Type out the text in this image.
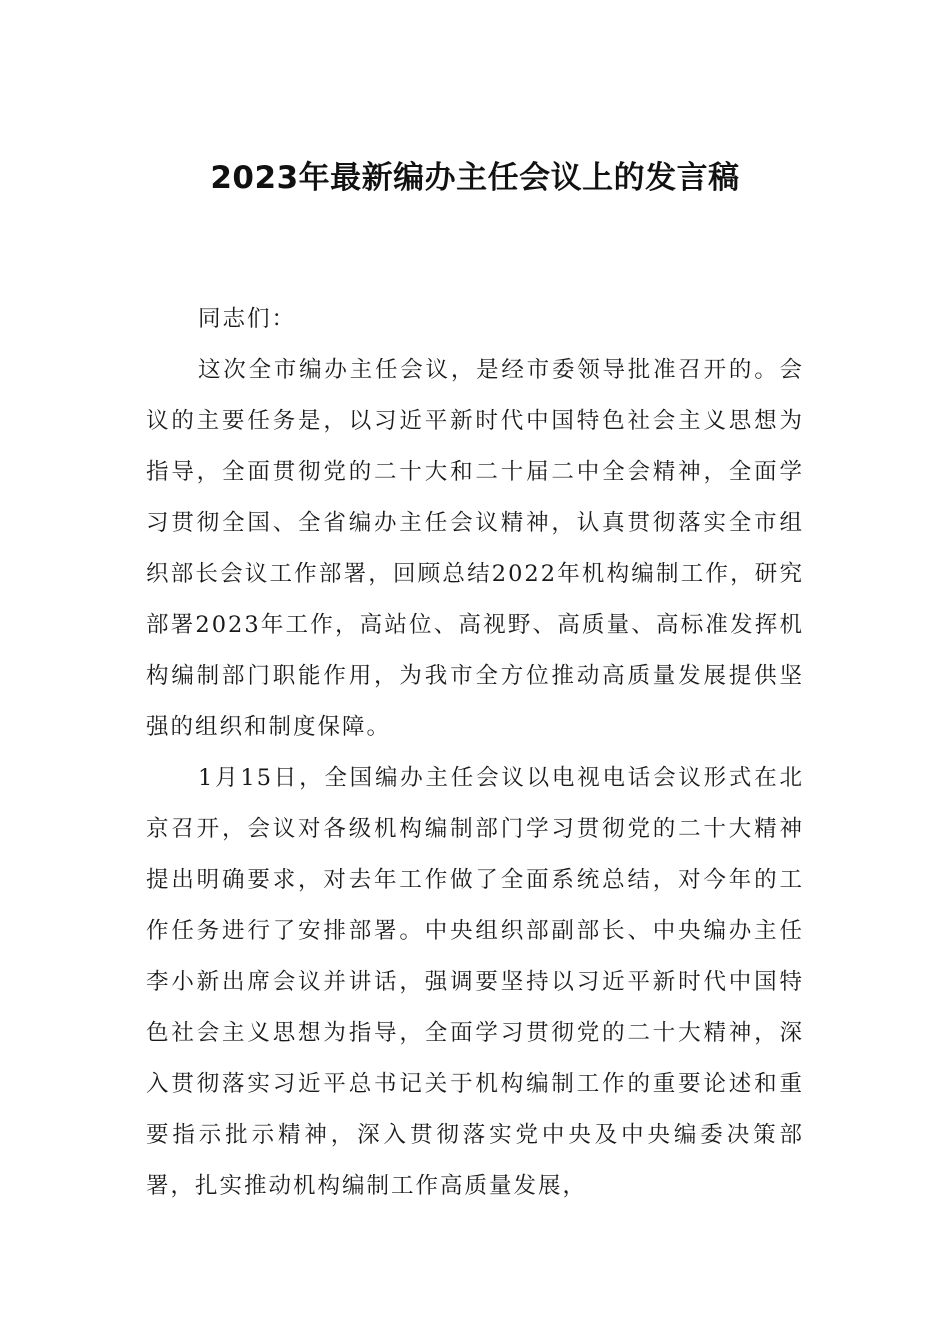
2023年最新编办主任会议上的发言稿

同志们：

这次全市编办主任会议，是经市委领导批准召开的。会议的主要任务是，以习近平新时代中国特色社会主义思想为指导，全面贯彻党的二十大和二十届二中全会精神，全面学习贯彻全国、全省编办主任会议精神，认真贯彻落实全市组织部长会议工作部署，回顾总结2022年机构编制工作，研究部署2023年工作，高站位、高视野、高质量、高标准发挥机构编制部门职能作用，为我市全方位推动高质量发展提供坚强的组织和制度保障。

1月15日，全国编办主任会议以电视电话会议形式在北京召开，会议对各级机构编制部门学习贯彻党的二十大精神提出明确要求，对去年工作做了全面系统总结，对今年的工作任务进行了安排部署。中央组织部副部长、中央编办主任李小新出席会议并讲话，强调要坚持以习近平新时代中国特色社会主义思想为指导，全面学习贯彻党的二十大精神，深入贯彻落实习近平总书记关于机构编制工作的重要论述和重要指示批示精神，深入贯彻落实党中央及中央编委决策部署，扎实推动机构编制工作高质量发展，
